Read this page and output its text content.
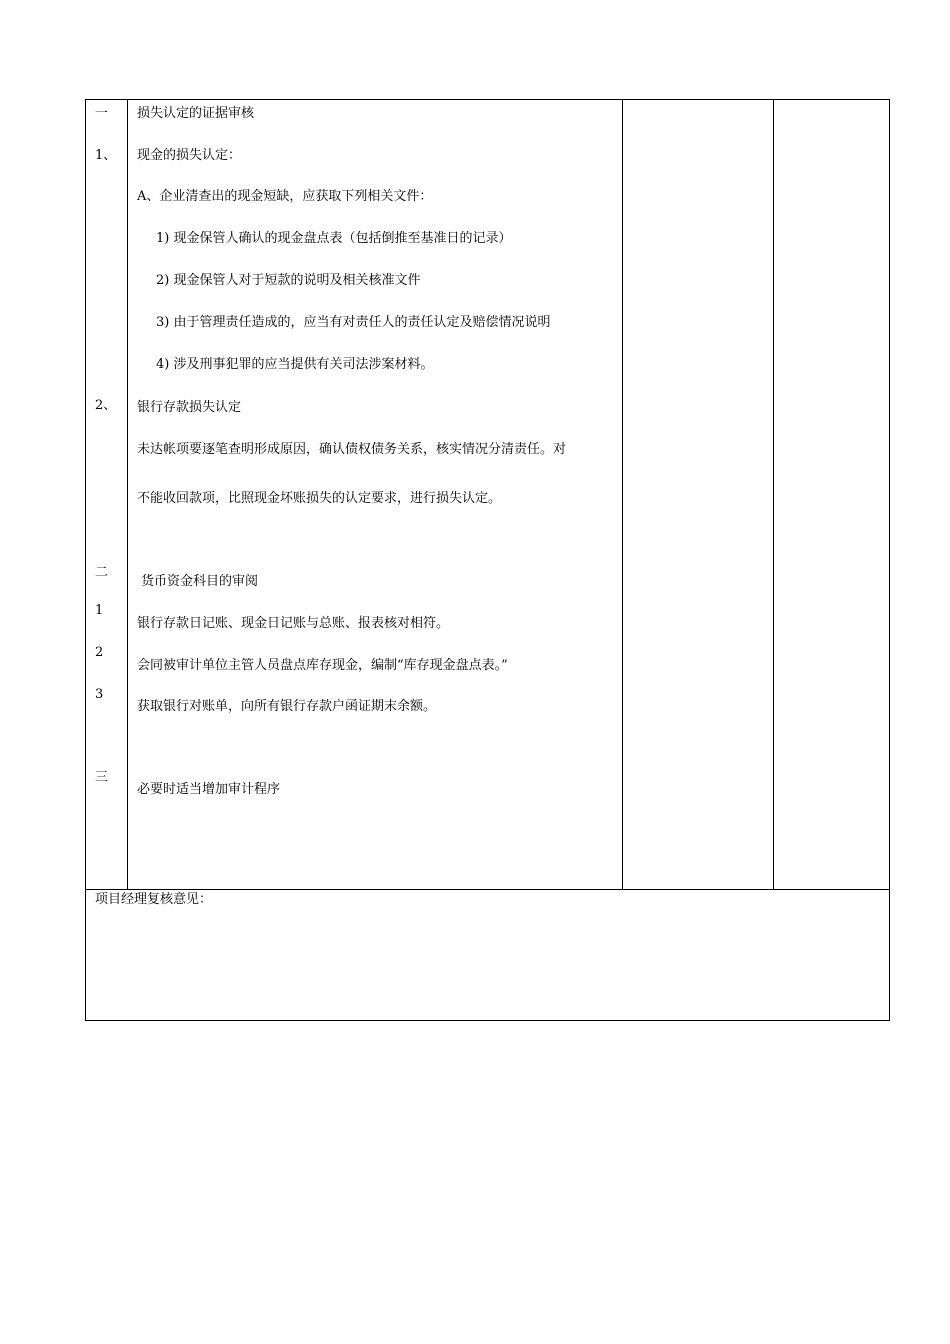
一
1、
2、
二
1
2
3
三
损失认定的证据审核
现金的损失认定：
A、企业清查出的现金短缺，应获取下列相关文件：
1) 现金保管人确认的现金盘点表（包括倒推至基准日的记录）
2) 现金保管人对于短款的说明及相关核准文件
3) 由于管理责任造成的，应当有对责任人的责任认定及赔偿情况说明
4) 涉及刑事犯罪的应当提供有关司法涉案材料。
银行存款损失认定
未达帐项要逐笔查明形成原因，确认债权债务关系，核实情况分清责任。对
不能收回款项，比照现金坏账损失的认定要求，进行损失认定。
货币资金科目的审阅
银行存款日记账、现金日记账与总账、报表核对相符。
会同被审计单位主管人员盘点库存现金，编制“库存现金盘点表。”
获取银行对账单，向所有银行存款户函证期末余额。
必要时适当增加审计程序
项目经理复核意见：
